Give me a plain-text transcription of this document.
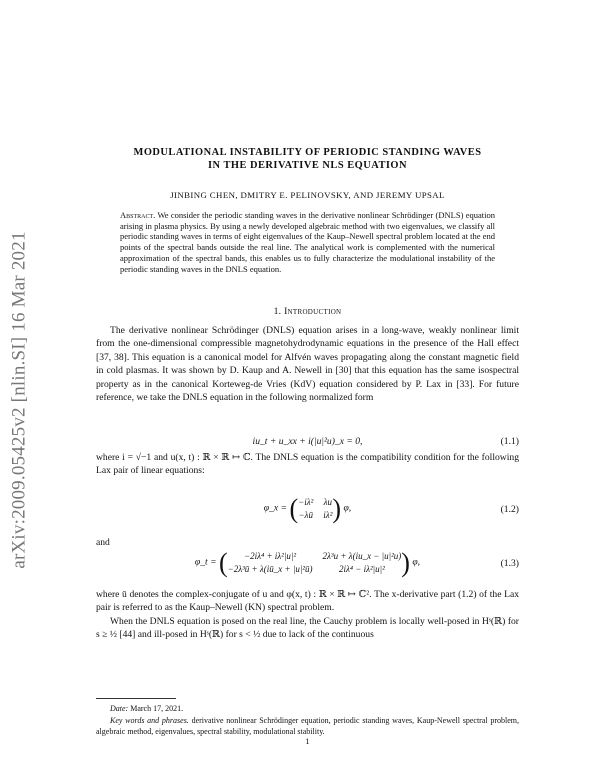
arXiv:2009.05425v2 [nlin.SI] 16 Mar 2021
MODULATIONAL INSTABILITY OF PERIODIC STANDING WAVES
IN THE DERIVATIVE NLS EQUATION
JINBING CHEN, DMITRY E. PELINOVSKY, AND JEREMY UPSAL
Abstract. We consider the periodic standing waves in the derivative nonlinear Schrödinger (DNLS) equation arising in plasma physics. By using a newly developed algebraic method with two eigenvalues, we classify all periodic standing waves in terms of eight eigenvalues of the Kaup–Newell spectral problem located at the end points of the spectral bands outside the real line. The analytical work is complemented with the numerical approximation of the spectral bands, this enables us to fully characterize the modulational instability of the periodic standing waves in the DNLS equation.
1. Introduction

The derivative nonlinear Schrödinger (DNLS) equation arises in a long-wave, weakly nonlinear limit from the one-dimensional compressible magnetohydrodynamic equations in the presence of the Hall effect [37, 38]. This equation is a canonical model for Alfvén waves propagating along the constant magnetic field in cold plasmas. It was shown by D. Kaup and A. Newell in [30] that this equation has the same isospectral property as in the canonical Korteweg-de Vries (KdV) equation considered by P. Lax in [33]. For future reference, we take the DNLS equation in the following normalized form

iu_t + u_xx + i(|u|²u)_x = 0,	(1.1)

where i = √−1 and u(x, t) : ℝ × ℝ ↦ ℂ. The DNLS equation is the compatibility condition for the following Lax pair of linear equations:

φ_x = ( −iλ² λu
−λū iλ² ) φ,	(1.2)

and

φ_t = (	−2iλ⁴ + iλ²|u|²	2λ³u + λ(iu_x − |u|²u)
−2λ³ū + λ(iū_x + |u|²ū)	2iλ⁴ − iλ²|u|² ) φ,	(1.3)

where ū denotes the complex-conjugate of u and φ(x, t) : ℝ × ℝ ↦ ℂ². The x-derivative part (1.2) of the Lax pair is referred to as the Kaup–Newell (KN) spectral problem.

When the DNLS equation is posed on the real line, the Cauchy problem is locally well-posed in Hˢ(ℝ) for s ≥ ½ [44] and ill-posed in Hˢ(ℝ) for s < ½ due to lack of the continuous

Date: March 17, 2021.
Key words and phrases. derivative nonlinear Schrödinger equation, periodic standing waves, Kaup-Newell spectral problem, algebraic method, eigenvalues, spectral stability, modulational stability.
1
